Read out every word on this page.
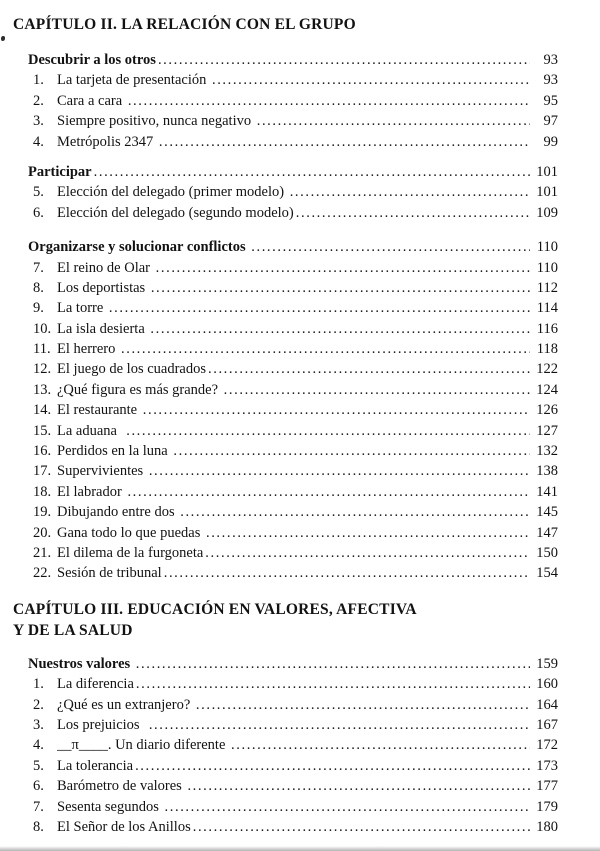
CAPÍTULO II. LA RELACIÓN CON EL GRUPO
Descubrir a los otros .....	93
1. La tarjeta de presentación .....	93
2. Cara a cara .....	95
3. Siempre positivo, nunca negativo .....	97
4. Metrópolis 2347 .....	99
Participar .....	101
5. Elección del delegado (primer modelo) .....	101
6. Elección del delegado (segundo modelo) .....	109
Organizarse y solucionar conflictos .....	110
7. El reino de Olar .....	110
8. Los deportistas .....	112
9. La torre .....	114
10. La isla desierta .....	116
11. El herrero .....	118
12. El juego de los cuadrados .....	122
13. ¿Qué figura es más grande? .....	124
14. El restaurante .....	126
15. La aduana .....	127
16. Perdidos en la luna .....	132
17. Supervivientes .....	138
18. El labrador .....	141
19. Dibujando entre dos .....	145
20. Gana todo lo que puedas .....	147
21. El dilema de la furgoneta .....	150
22. Sesión de tribunal .....	154
CAPÍTULO III. EDUCACIÓN EN VALORES, AFECTIVA
Y DE LA SALUD
Nuestros valores .....	159
1. La diferencia .....	160
2. ¿Qué es un extranjero? .....	164
3. Los prejuicios .....	167
4. __π____. Un diario diferente .....	172
5. La tolerancia .....	173
6. Barómetro de valores .....	177
7. Sesenta segundos .....	179
8. El Señor de los Anillos .....	180
